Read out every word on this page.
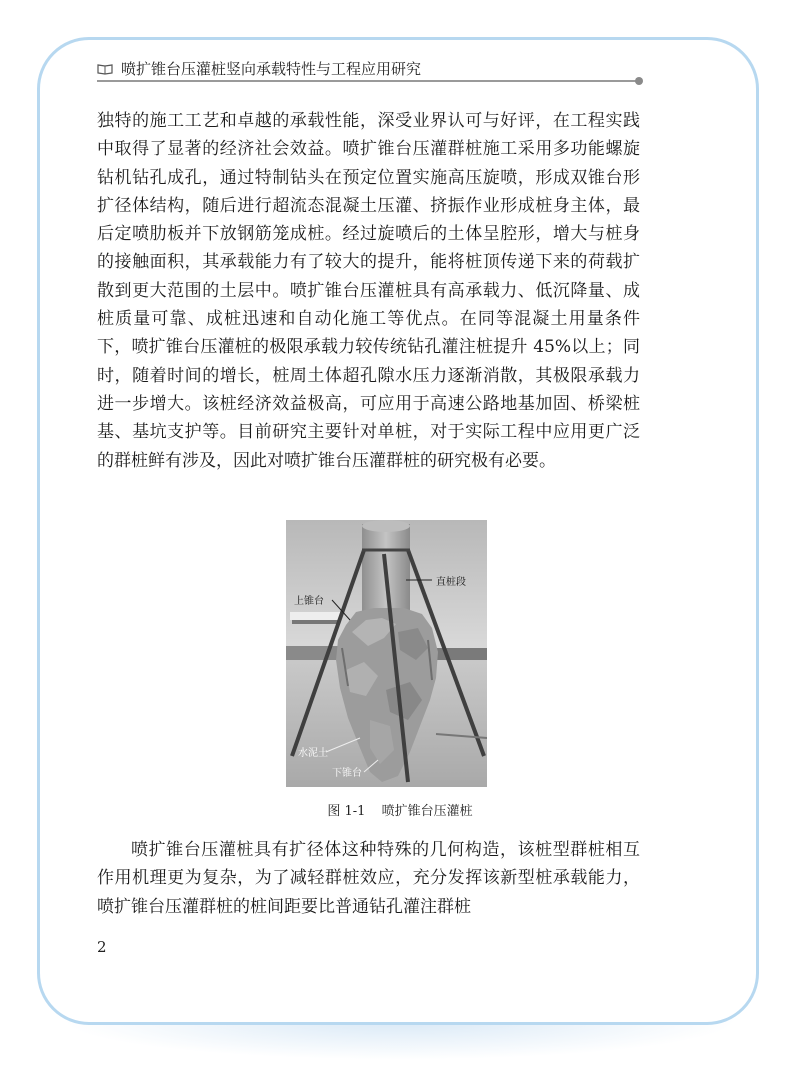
喷扩锥台压灌桩竖向承载特性与工程应用研究

独特的施工工艺和卓越的承载性能，深受业界认可与好评，在工程实践中取得了显著的经济社会效益。喷扩锥台压灌群桩施工采用多功能螺旋钻机钻孔成孔，通过特制钻头在预定位置实施高压旋喷，形成双锥台形扩径体结构，随后进行超流态混凝土压灌、挤振作业形成桩身主体，最后定喷肋板并下放钢筋笼成桩。经过旋喷后的土体呈腔形，增大与桩身的接触面积，其承载能力有了较大的提升，能将桩顶传递下来的荷载扩散到更大范围的土层中。喷扩锥台压灌桩具有高承载力、低沉降量、成桩质量可靠、成桩迅速和自动化施工等优点。在同等混凝土用量条件下，喷扩锥台压灌桩的极限承载力较传统钻孔灌注桩提升 45%以上；同时，随着时间的增长，桩周土体超孔隙水压力逐渐消散，其极限承载力进一步增大。该桩经济效益极高，可应用于高速公路地基加固、桥梁桩基、基坑支护等。目前研究主要针对单桩，对于实际工程中应用更广泛的群桩鲜有涉及，因此对喷扩锥台压灌群桩的研究极有必要。

直桩段
上锥台
水泥土
下锥台
图 1-1 喷扩锥台压灌桩

喷扩锥台压灌桩具有扩径体这种特殊的几何构造，该桩型群桩相互作用机理更为复杂，为了减轻群桩效应，充分发挥该新型桩承载能力，喷扩锥台压灌群桩的桩间距要比普通钻孔灌注群桩

2
